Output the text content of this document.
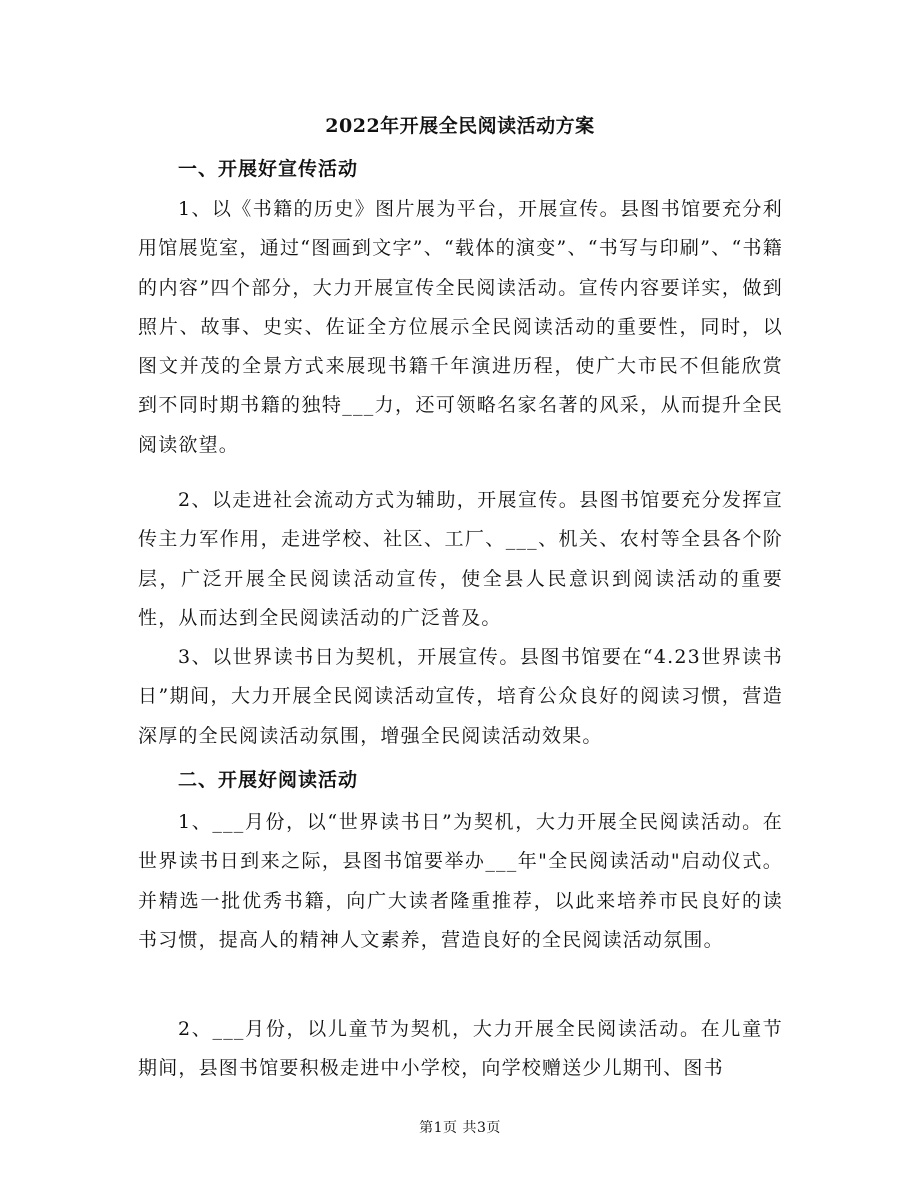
2022年开展全民阅读活动方案
一、开展好宣传活动
1、以《书籍的历史》图片展为平台，开展宣传。县图书馆要充分利用馆展览室，通过“图画到文字”、“载体的演变”、“书写与印刷”、“书籍的内容”四个部分，大力开展宣传全民阅读活动。宣传内容要详实，做到照片、故事、史实、佐证全方位展示全民阅读活动的重要性，同时，以图文并茂的全景方式来展现书籍千年演进历程，使广大市民不但能欣赏到不同时期书籍的独特___力，还可领略名家名著的风采，从而提升全民阅读欲望。
2、以走进社会流动方式为辅助，开展宣传。县图书馆要充分发挥宣传主力军作用，走进学校、社区、工厂、___、机关、农村等全县各个阶层，广泛开展全民阅读活动宣传，使全县人民意识到阅读活动的重要性，从而达到全民阅读活动的广泛普及。
3、以世界读书日为契机，开展宣传。县图书馆要在“4.23世界读书日”期间，大力开展全民阅读活动宣传，培育公众良好的阅读习惯，营造深厚的全民阅读活动氛围，增强全民阅读活动效果。
二、开展好阅读活动
1、___月份，以“世界读书日”为契机，大力开展全民阅读活动。在世界读书日到来之际，县图书馆要举办___年"全民阅读活动"启动仪式。并精选一批优秀书籍，向广大读者隆重推荐，以此来培养市民良好的读书习惯，提高人的精神人文素养，营造良好的全民阅读活动氛围。
2、___月份，以儿童节为契机，大力开展全民阅读活动。在儿童节期间，县图书馆要积极走进中小学校，向学校赠送少儿期刊、图书
第1页 共3页
